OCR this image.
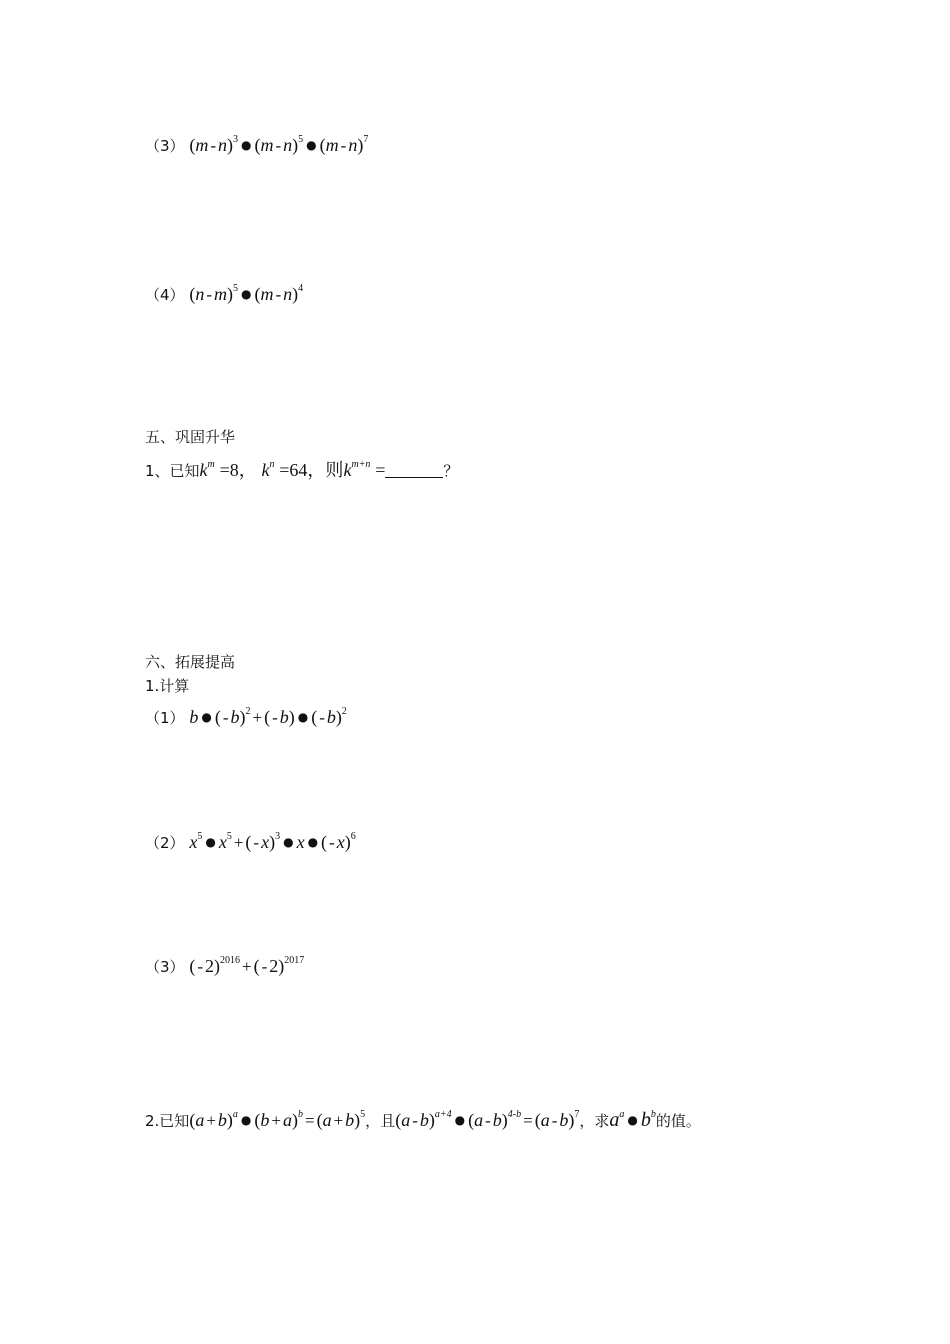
（3） (m - n)$^3$ ● (m - n)$^5$ ● (m - n)$^7$
（4） (n - m)$^5$ ● (m - n)$^4$
五、巩固升华
1、已知$k^m =8$， $k^n =64$，则$k^{m+n}$ =	？
六、拓展提高
1.计算
（1） b ● ( - b)$^2$ + ( - b) ● ( - b)$^2$
（2） $x^5$ ● $x^5$ + ( - x)$^3$ ● x ● ( - x)$^6$
（3） ( - 2)$^{2016}$ + ( - 2)$^{2017}$
2.已知$(a + b)^a$ ● $(b + a)^b = (a + b)^5$，且(a - b)$^{a+4}$ ● (a - b)$^{4-b}$ = (a - b)$^7$，求$a^a$ ● $b^b$的值。
